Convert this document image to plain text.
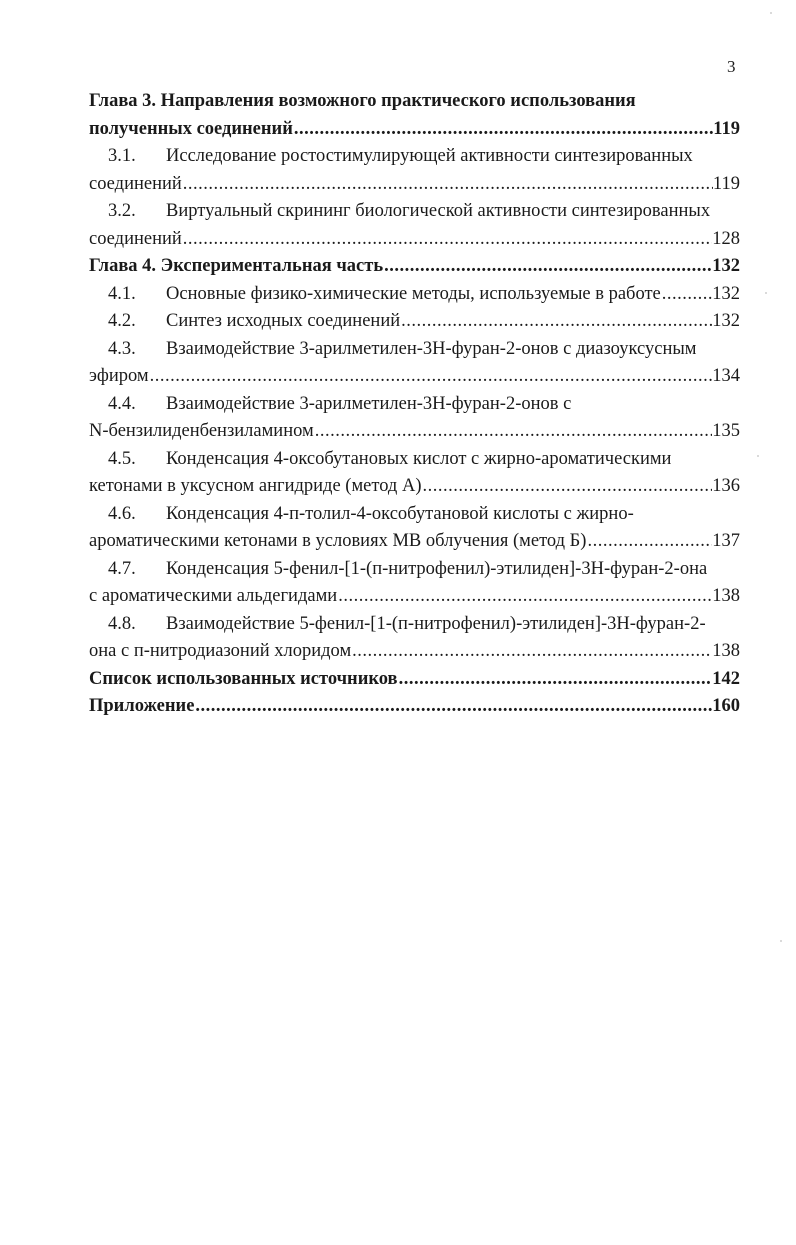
3
Глава 3. Направления возможного практического использования
полученных соединений .....	119
3.1.	Исследование ростостимулирующей активности синтезированных
соединений .....	119
3.2.	Виртуальный скрининг биологической активности синтезированных
соединений .....	128
Глава 4. Экспериментальная часть .....	132
4.1.	Основные физико-химические методы, используемые в работе .....	132
4.2.	Синтез исходных соединений .....	132
4.3.	Взаимодействие 3-арилметилен-3Н-фуран-2-онов с диазоуксусным
эфиром .....	134
4.4.	Взаимодействие 3-арилметилен-3Н-фуран-2-онов с
N-бензилиденбензиламином .....	135
4.5.	Конденсация 4-оксобутановых кислот с жирно-ароматическими
кетонами в уксусном ангидриде (метод А) .....	136
4.6.	Конденсация 4-п-толил-4-оксобутановой кислоты с жирно-
ароматическими кетонами в условиях МВ облучения (метод Б) .....	137
4.7.	Конденсация 5-фенил-[1-(п-нитрофенил)-этилиден]-3Н-фуран-2-она
с ароматическими альдегидами .....	138
4.8.	Взаимодействие 5-фенил-[1-(п-нитрофенил)-этилиден]-3Н-фуран-2-
она с п-нитродиазоний хлоридом .....	138
Список использованных источников .....	142
Приложение .....	160
